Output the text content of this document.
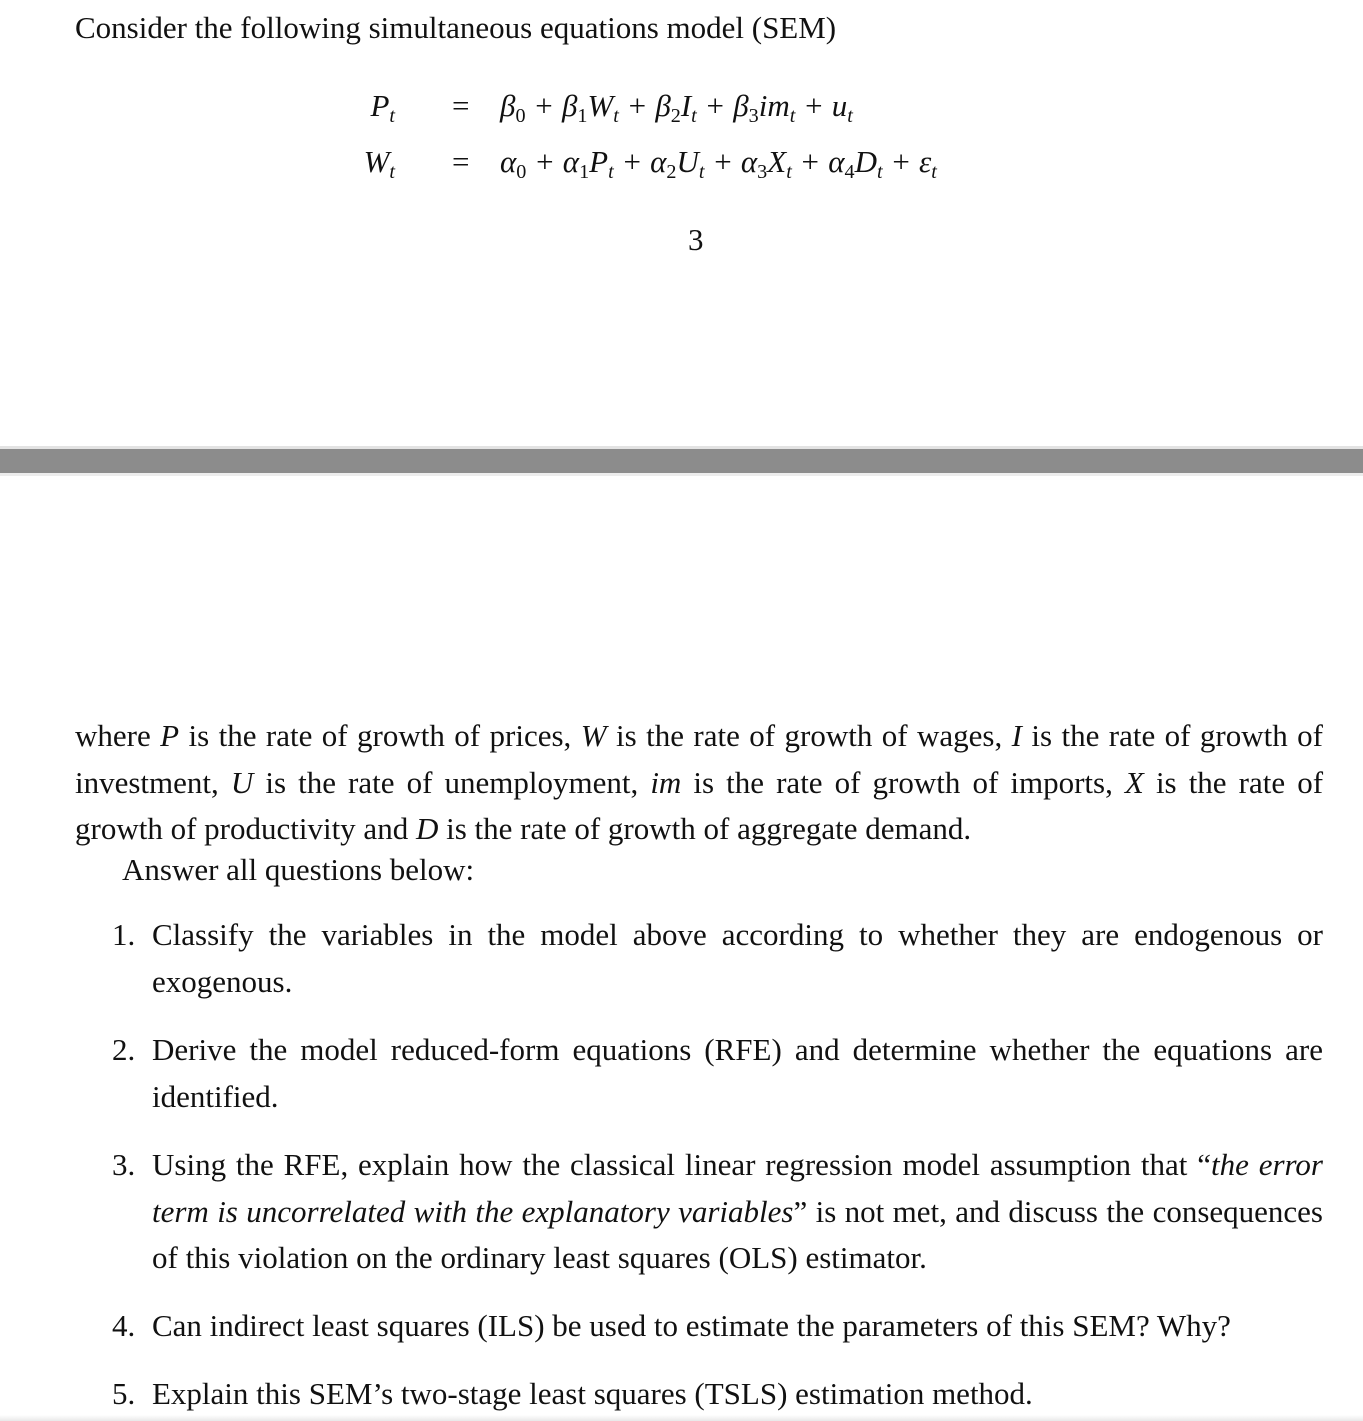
Consider the following simultaneous equations model (SEM)
$P_t = \beta_0 + \beta_1W_t + \beta_2I_t + \beta_3im_t + u_t$
$W_t = \alpha_0 + \alpha_1P_t + \alpha_2U_t + \alpha_3X_t + \alpha_4D_t + \varepsilon_t$
3
where P is the rate of growth of prices, W is the rate of growth of wages, I is the rate of growth of investment, U is the rate of unemployment, im is the rate of growth of imports, X is the rate of growth of productivity and D is the rate of growth of aggregate demand.
Answer all questions below:
1. Classify the variables in the model above according to whether they are endogenous or exogenous.
2. Derive the model reduced-form equations (RFE) and determine whether the equations are identified.
3. Using the RFE, explain how the classical linear regression model assumption that “the error term is uncorrelated with the explanatory variables” is not met, and discuss the consequences of this violation on the ordinary least squares (OLS) estimator.
4. Can indirect least squares (ILS) be used to estimate the parameters of this SEM? Why?
5. Explain this SEM’s two-stage least squares (TSLS) estimation method.
